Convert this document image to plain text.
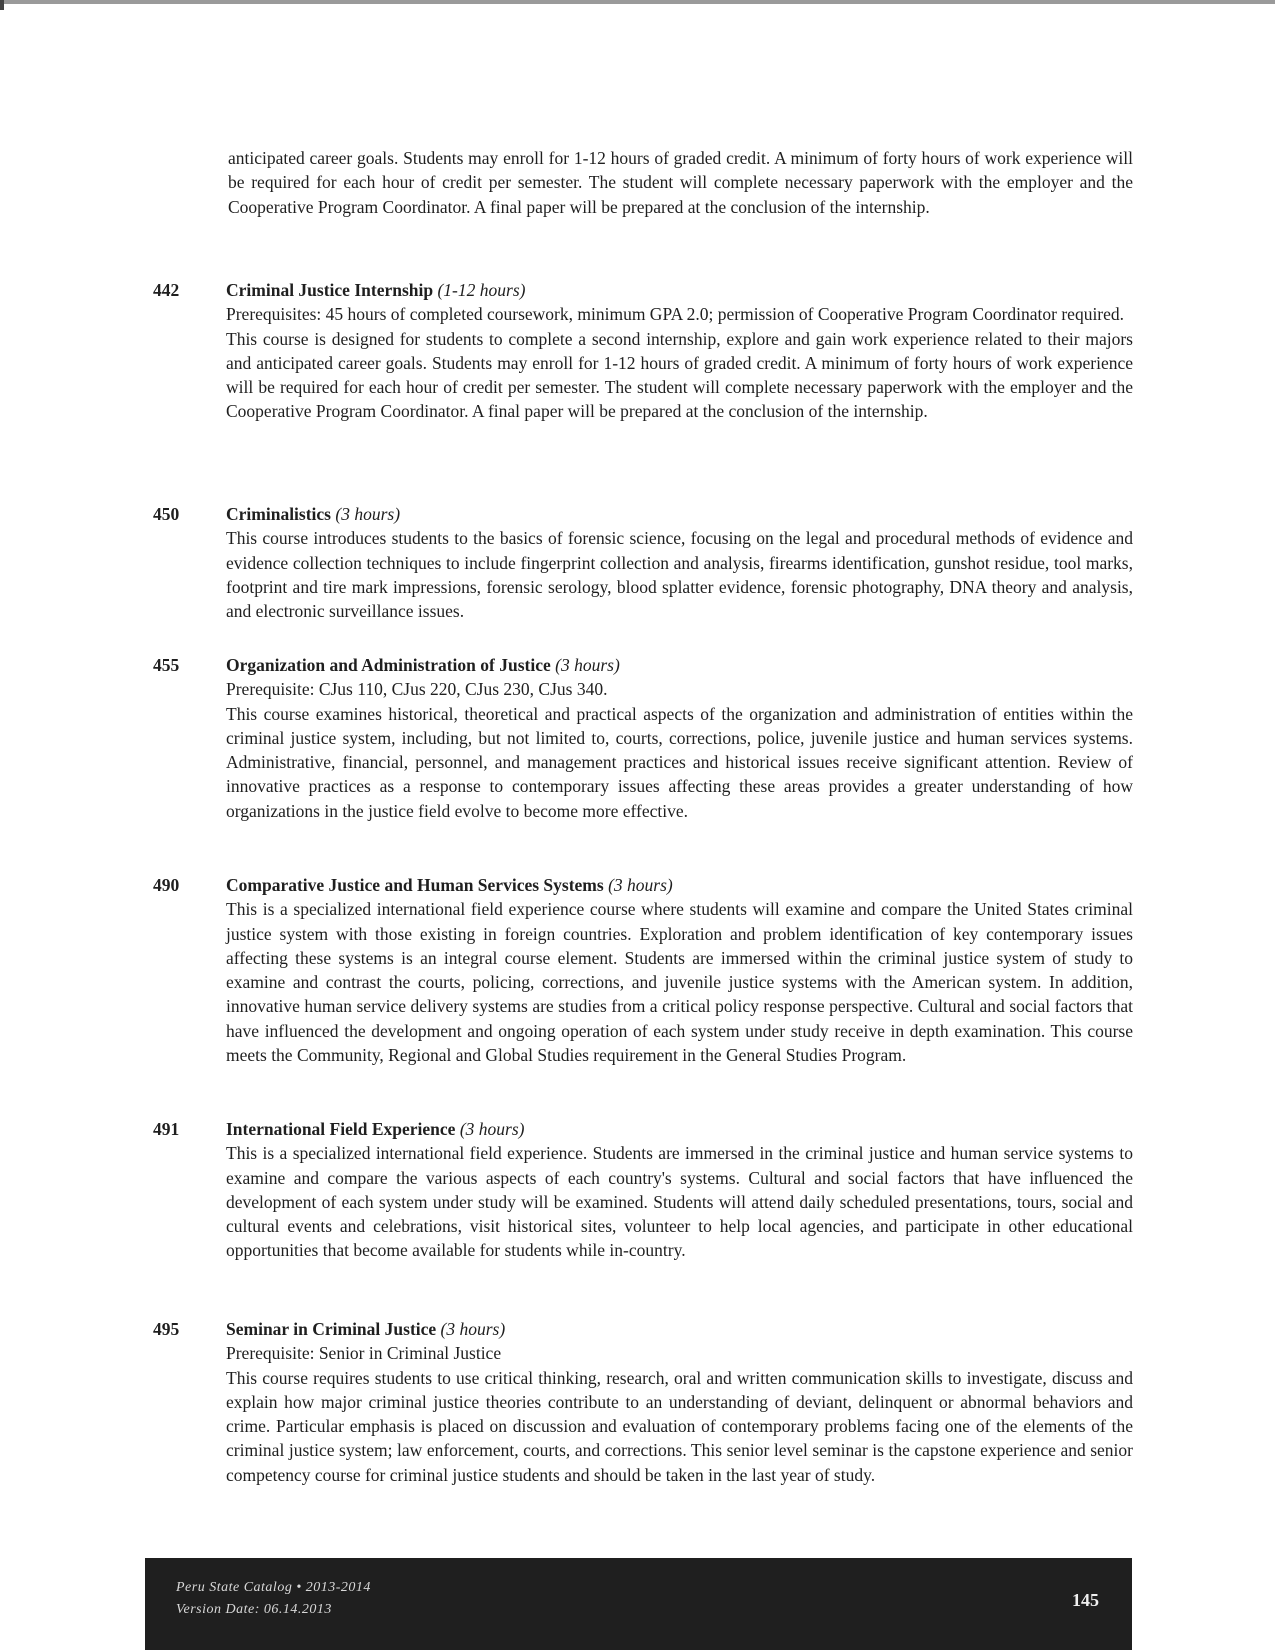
anticipated career goals. Students may enroll for 1-12 hours of graded credit. A minimum of forty hours of work experience will be required for each hour of credit per semester. The student will complete necessary paperwork with the employer and the Cooperative Program Coordinator. A final paper will be prepared at the conclusion of the internship.

442	Criminal Justice Internship (1-12 hours)
Prerequisites: 45 hours of completed coursework, minimum GPA 2.0; permission of Cooperative Program Coordinator required.
This course is designed for students to complete a second internship, explore and gain work experience related to their majors and anticipated career goals. Students may enroll for 1-12 hours of graded credit. A minimum of forty hours of work experience will be required for each hour of credit per semester. The student will complete necessary paperwork with the employer and the Cooperative Program Coordinator. A final paper will be prepared at the conclusion of the internship.
450	Criminalistics (3 hours)
This course introduces students to the basics of forensic science, focusing on the legal and procedural methods of evidence and evidence collection techniques to include fingerprint collection and analysis, firearms identification, gunshot residue, tool marks, footprint and tire mark impressions, forensic serology, blood splatter evidence, forensic photography, DNA theory and analysis, and electronic surveillance issues.
455	Organization and Administration of Justice (3 hours)
Prerequisite: CJus 110, CJus 220, CJus 230, CJus 340.
This course examines historical, theoretical and practical aspects of the organization and administration of entities within the criminal justice system, including, but not limited to, courts, corrections, police, juvenile justice and human services systems. Administrative, financial, personnel, and management practices and historical issues receive significant attention. Review of innovative practices as a response to contemporary issues affecting these areas provides a greater understanding of how organizations in the justice field evolve to become more effective.
490	Comparative Justice and Human Services Systems (3 hours)
This is a specialized international field experience course where students will examine and compare the United States criminal justice system with those existing in foreign countries. Exploration and problem identification of key contemporary issues affecting these systems is an integral course element. Students are immersed within the criminal justice system of study to examine and contrast the courts, policing, corrections, and juvenile justice systems with the American system. In addition, innovative human service delivery systems are studies from a critical policy response perspective. Cultural and social factors that have influenced the development and ongoing operation of each system under study receive in depth examination. This course meets the Community, Regional and Global Studies requirement in the General Studies Program.
491	International Field Experience (3 hours)
This is a specialized international field experience. Students are immersed in the criminal justice and human service systems to examine and compare the various aspects of each country's systems. Cultural and social factors that have influenced the development of each system under study will be examined. Students will attend daily scheduled presentations, tours, social and cultural events and celebrations, visit historical sites, volunteer to help local agencies, and participate in other educational opportunities that become available for students while in-country.
495	Seminar in Criminal Justice (3 hours)
Prerequisite: Senior in Criminal Justice
This course requires students to use critical thinking, research, oral and written communication skills to investigate, discuss and explain how major criminal justice theories contribute to an understanding of deviant, delinquent or abnormal behaviors and crime. Particular emphasis is placed on discussion and evaluation of contemporary problems facing one of the elements of the criminal justice system; law enforcement, courts, and corrections. This senior level seminar is the capstone experience and senior competency course for criminal justice students and should be taken in the last year of study.
Peru State Catalog • 2013-2014
Version Date: 06.14.2013	145
